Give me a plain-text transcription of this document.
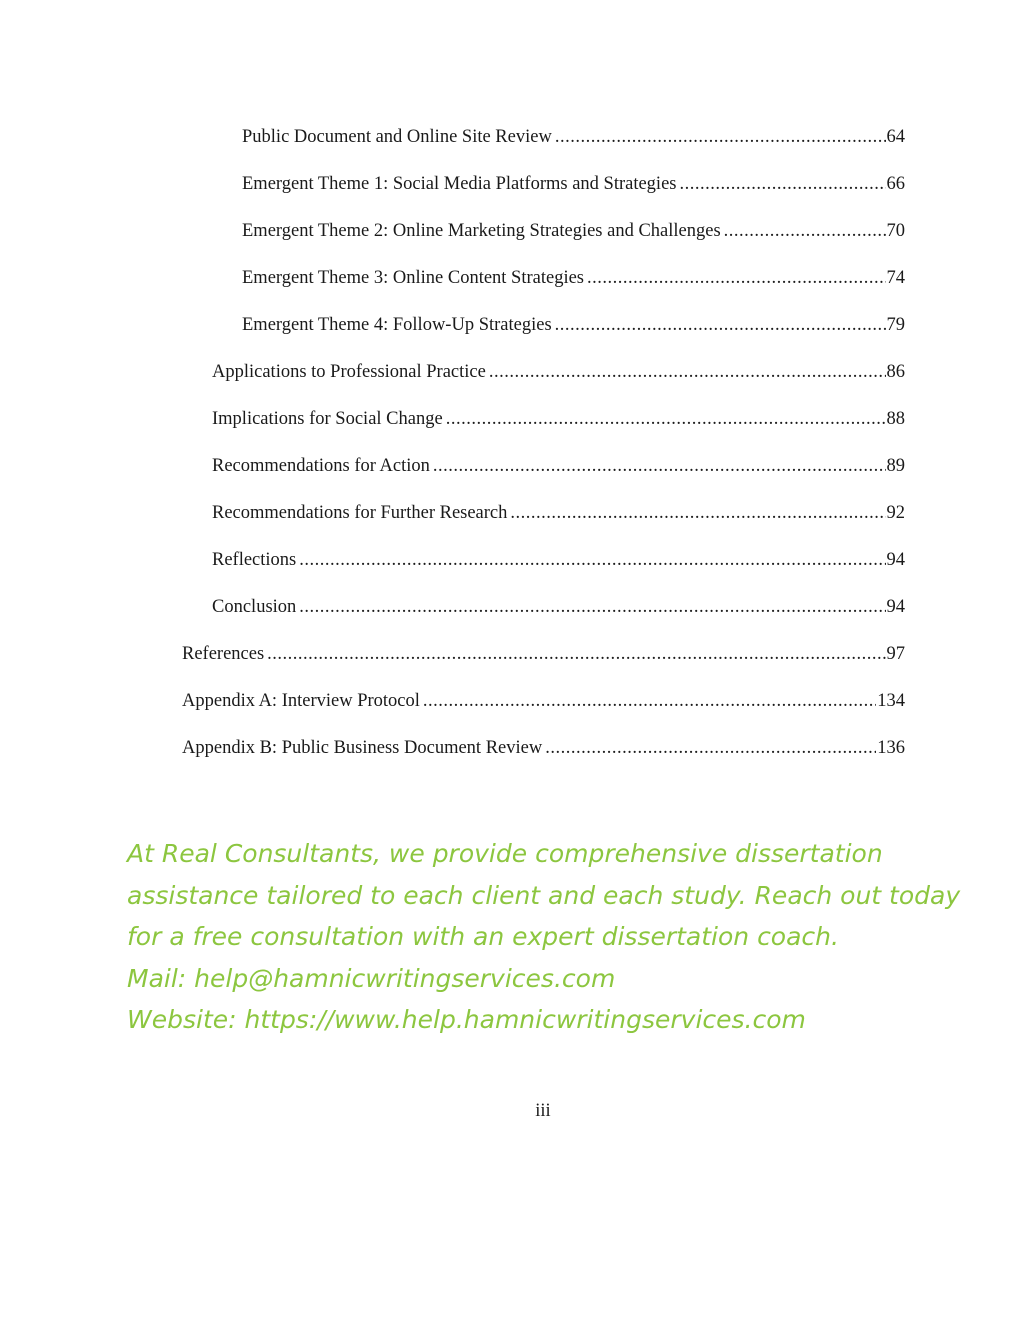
Public Document and Online Site Review .....	64
Emergent Theme 1: Social Media Platforms and Strategies .....	66
Emergent Theme 2: Online Marketing Strategies and Challenges .....	70
Emergent Theme 3: Online Content Strategies .....	74
Emergent Theme 4: Follow-Up Strategies .....	79
Applications to Professional Practice .....	86
Implications for Social Change .....	88
Recommendations for Action .....	89
Recommendations for Further Research .....	92
Reflections .....	94
Conclusion .....	94
References .....	97
Appendix A: Interview Protocol .....	134
Appendix B: Public Business Document Review .....	136
At Real Consultants, we provide comprehensive dissertation
assistance tailored to each client and each study. Reach out today
for a free consultation with an expert dissertation coach.
Mail: help@hamnicwritingservices.com
Website: https://www.help.hamnicwritingservices.com
iii
